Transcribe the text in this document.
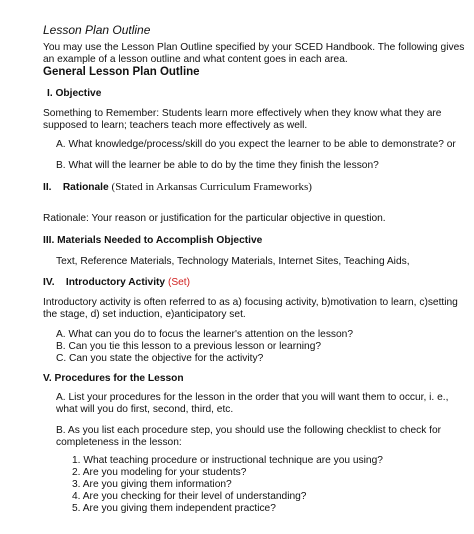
Lesson Plan Outline
You may use the Lesson Plan Outline specified by your SCED Handbook. The following gives
an example of a lesson outline and what content goes in each area.
General Lesson Plan Outline
I. Objective
Something to Remember: Students learn more effectively when they know what they are
supposed to learn; teachers teach more effectively as well.
A. What knowledge/process/skill do you expect the learner to be able to demonstrate? or
B. What will the learner be able to do by the time they finish the lesson?
II. Rationale (Stated in Arkansas Curriculum Frameworks)
Rationale: Your reason or justification for the particular objective in question.
III. Materials Needed to Accomplish Objective
Text, Reference Materials, Technology Materials, Internet Sites, Teaching Aids,
IV. Introductory Activity (Set)
Introductory activity is often referred to as a) focusing activity, b)motivation to learn, c)setting
the stage, d) set induction, e)anticipatory set.
A. What can you do to focus the learner's attention on the lesson?
B. Can you tie this lesson to a previous lesson or learning?
C. Can you state the objective for the activity?
V. Procedures for the Lesson
A. List your procedures for the lesson in the order that you will want them to occur, i. e.,
what will you do first, second, third, etc.
B. As you list each procedure step, you should use the following checklist to check for
completeness in the lesson:
1. What teaching procedure or instructional technique are you using?
2. Are you modeling for your students?
3. Are you giving them information?
4. Are you checking for their level of understanding?
5. Are you giving them independent practice?
